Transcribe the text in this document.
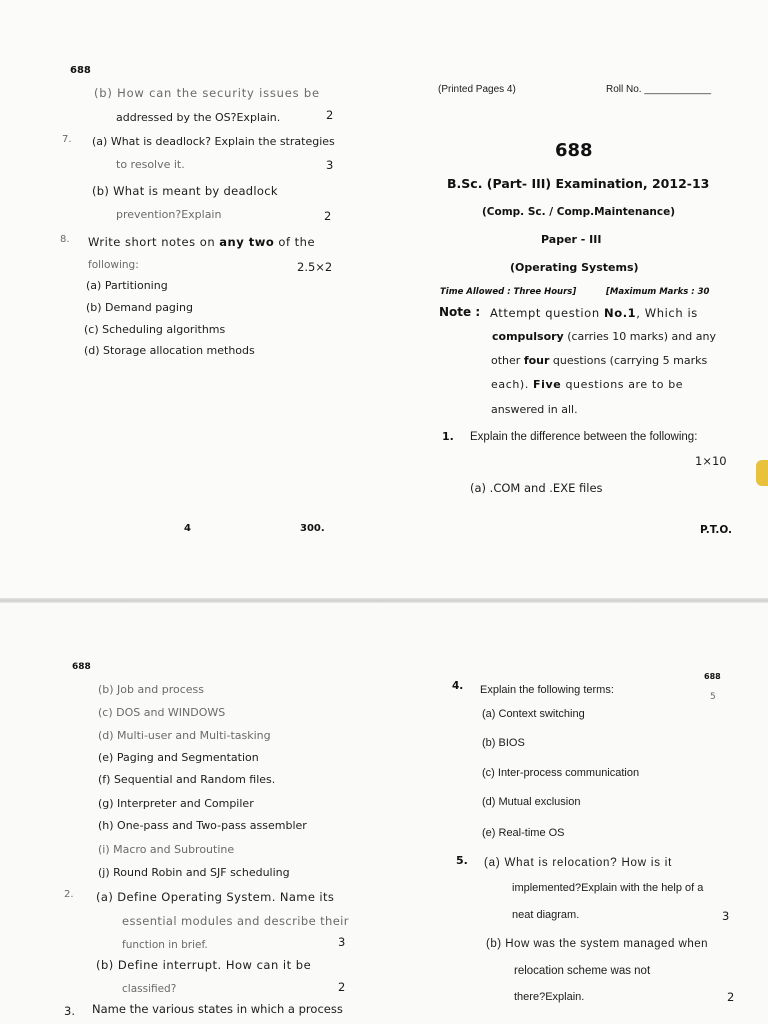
688
(b) How can the security issues be
addressed by the OS?Explain.	2
7. (a) What is deadlock? Explain the strategies
to resolve it.	3
(b) What is meant by deadlock
prevention?Explain	2
8. Write short notes on any two of the
following:	2.5×2
(a) Partitioning
(b) Demand paging
(c) Scheduling algorithms
(d) Storage allocation methods
4	300.
(Printed Pages 4)	Roll No. ____________
688
B.Sc. (Part- III) Examination, 2012-13
(Comp. Sc. / Comp.Maintenance)
Paper - III
(Operating Systems)
Time Allowed : Three Hours]	[Maximum Marks : 30
Note : Attempt question No.1, Which is
compulsory (carries 10 marks) and any
other four questions (carrying 5 marks
each). Five questions are to be
answered in all.
1. Explain the difference between the following:
1×10
(a) .COM and .EXE files
P.T.O.
688
(b) Job and process
(c) DOS and WINDOWS
(d) Multi-user and Multi-tasking
(e) Paging and Segmentation
(f) Sequential and Random files.
(g) Interpreter and Compiler
(h) One-pass and Two-pass assembler
(i) Macro and Subroutine
(j) Round Robin and SJF scheduling
2. (a) Define Operating System. Name its
essential modules and describe their
function in brief.	3
(b) Define interrupt. How can it be
classified?	2
3. Name the various states in which a process
688
5
4. Explain the following terms:
(a) Context switching
(b) BIOS
(c) Inter-process communication
(d) Mutual exclusion
(e) Real-time OS
5. (a) What is relocation? How is it
implemented?Explain with the help of a
neat diagram.	3
(b) How was the system managed when
relocation scheme was not
there?Explain.	2
